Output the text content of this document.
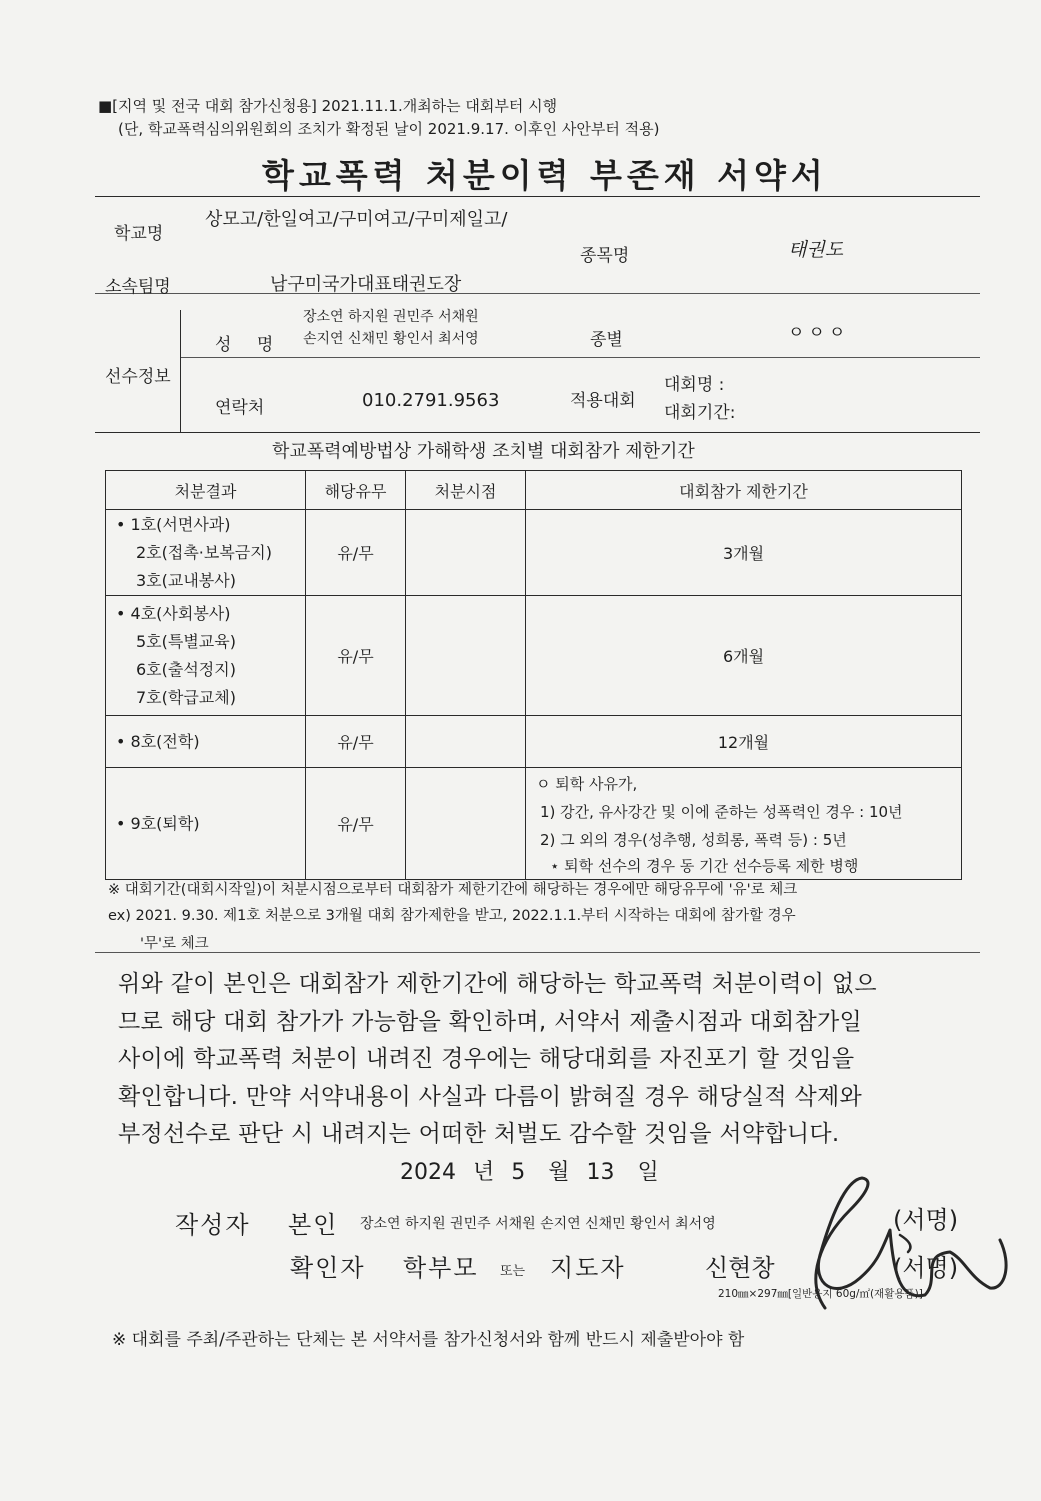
■[지역 및 전국 대회 참가신청용] 2021.11.1.개최하는 대회부터 시행
(단, 학교폭력심의위원회의 조치가 확정된 날이 2021.9.17. 이후인 사안부터 적용)
학교폭력 처분이력 부존재 서약서
학교명
상모고/한일여고/구미여고/구미제일고/
종목명	태권도
소속팀명	남구미국가대표태권도장
선수정보
성 명
장소연 하지원 권민주 서채원
손지연 신채민 황인서 최서영	종별	ㅇㅇㅇ
연락처	010.2791.9563	적용대회
대회명 :
대회기간:
학교폭력예방법상 가해학생 조치별 대회참가 제한기간
처분결과	해당유무	처분시점	대회참가 제한기간

• 1호(서면사과)
2호(접촉·보복금지)
3호(교내봉사)	유/무		3개월

• 4호(사회봉사)
5호(특별교육)
6호(출석정지)
7호(학급교체)	유/무		6개월

• 8호(전학)	유/무		12개월

• 9호(퇴학)	유/무		ㅇ 퇴학 사유가,
1) 강간, 유사강간 및 이에 준하는 성폭력인 경우 : 10년
2) 그 외의 경우(성추행, 성희롱, 폭력 등) : 5년
⋆ 퇴학 선수의 경우 동 기간 선수등록 제한 병행
※ 대회기간(대회시작일)이 처분시점으로부터 대회참가 제한기간에 해당하는 경우에만 해당유무에 '유'로 체크
ex) 2021. 9.30. 제1호 처분으로 3개월 대회 참가제한을 받고, 2022.1.1.부터 시작하는 대회에 참가할 경우
'무'로 체크
위와 같이 본인은 대회참가 제한기간에 해당하는 학교폭력 처분이력이 없으
므로 해당 대회 참가가 가능함을 확인하며, 서약서 제출시점과 대회참가일
사이에 학교폭력 처분이 내려진 경우에는 해당대회를 자진포기 할 것임을
확인합니다. 만약 서약내용이 사실과 다름이 밝혀질 경우 해당실적 삭제와
부정선수로 판단 시 내려지는 어떠한 처벌도 감수할 것임을 서약합니다.
2024 년 5 월 13 일
작성자 본인 장소연 하지원 권민주 서채원 손지연 신채민 황인서 최서영	(서명)
확인자 학부모 또는 지도자	신현창	(서명)
210㎜×297㎜[일반용지 60g/㎡(재활용품)]
※ 대회를 주최/주관하는 단체는 본 서약서를 참가신청서와 함께 반드시 제출받아야 함
